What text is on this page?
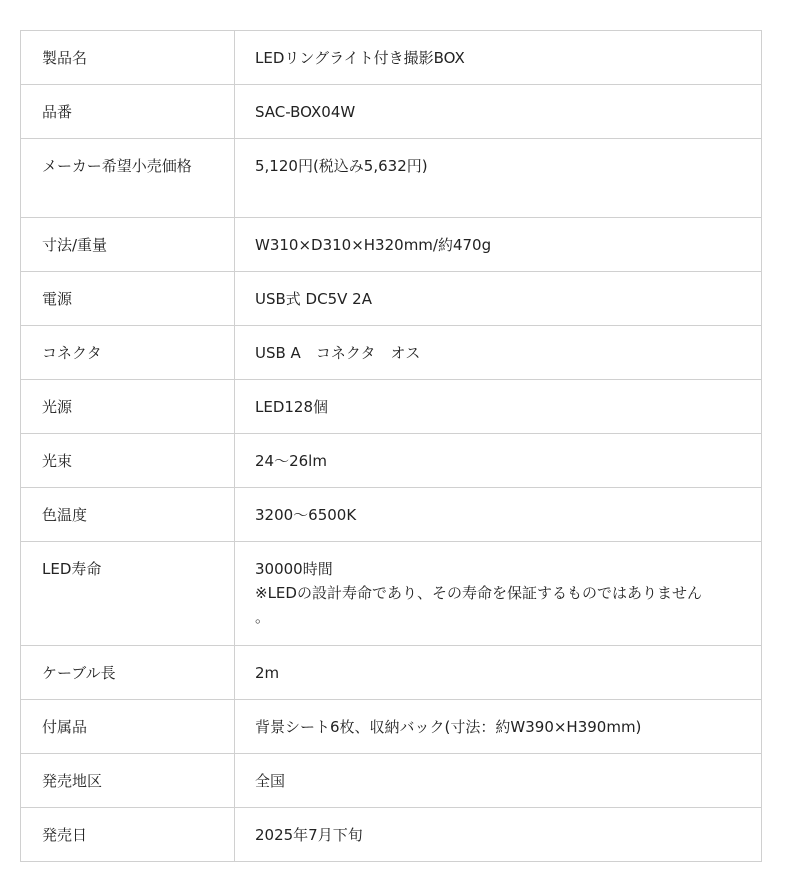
製品名	LEDリングライト付き撮影BOX
品番	SAC-BOX04W
メーカー希望小売価格	5,120円(税込み5,632円)
寸法/重量	W310×D310×H320mm/約470g
電源	USB式 DC5V 2A
コネクタ	USB A　コネクタ　オス
光源	LED128個
光束	24～26lm
色温度	3200～6500K
LED寿命	30000時間
※LEDの設計寿命であり、その寿命を保証するものではありません
。

ケーブル長	2m
付属品	背景シート6枚、収納バック(寸法：約W390×H390mm)
発売地区	全国
発売日	2025年7月下旬
